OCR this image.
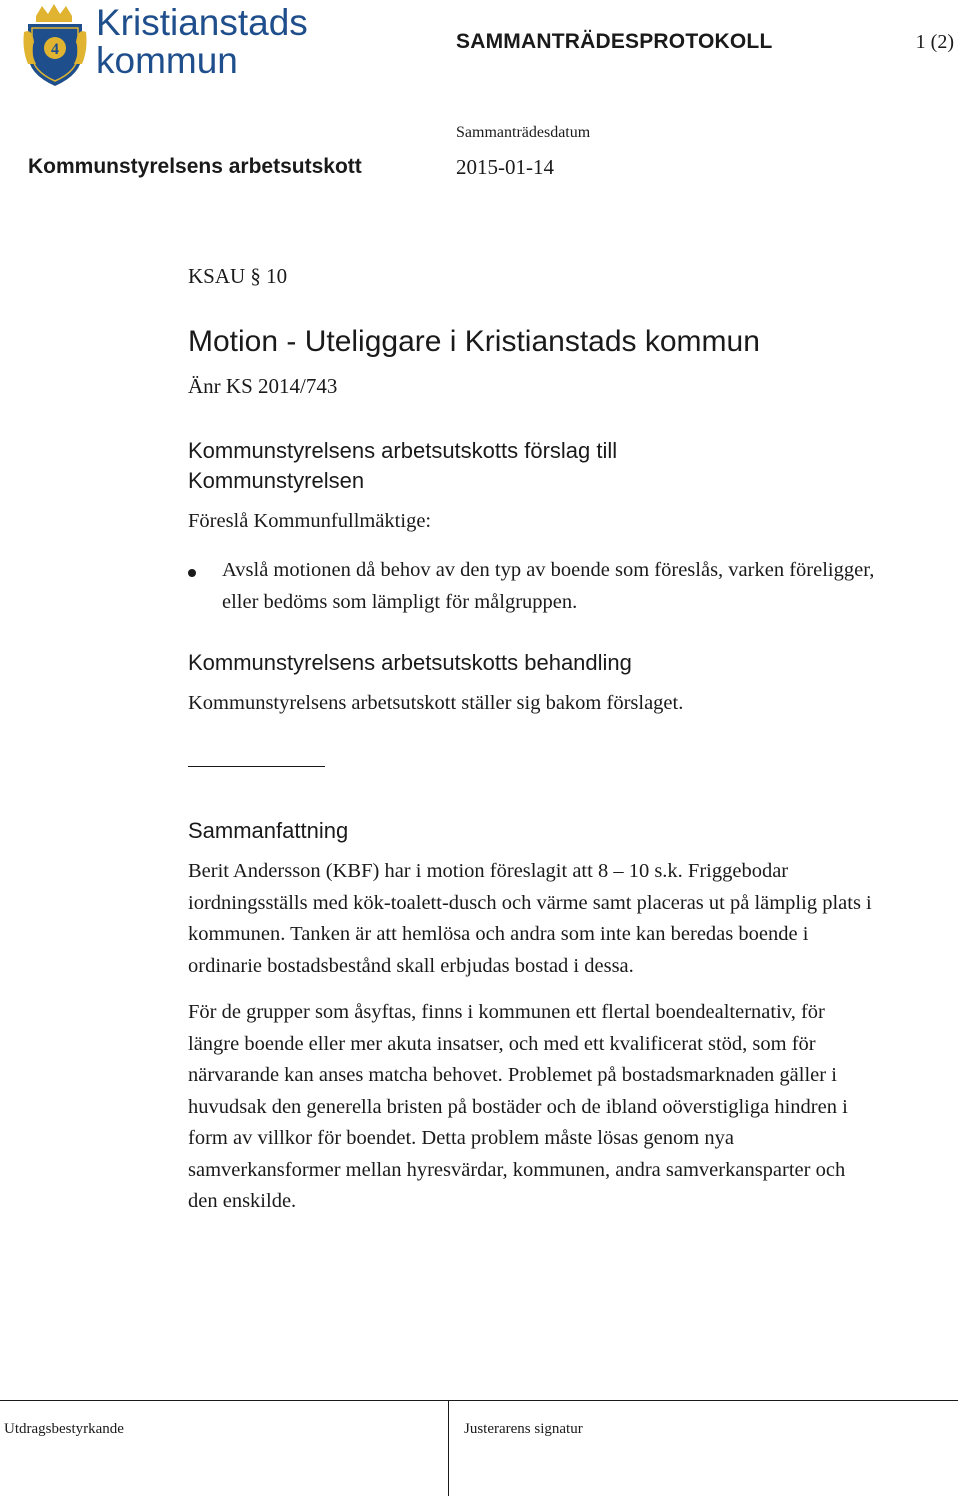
4
Kristianstads
kommun	SAMMANTRÄDESPROTOKOLL	1 (2)
Kommunstyrelsens arbetsutskott
Sammanträdesdatum
2015-01-14
KSAU § 10
Motion - Uteliggare i Kristianstads kommun
Änr KS 2014/743
Kommunstyrelsens arbetsutskotts förslag till
Kommunstyrelsen

Föreslå Kommunfullmäktige:

Kommunstyrelsens arbetsutskotts behandling

Kommunstyrelsens arbetsutskott ställer sig bakom förslaget.

Sammanfattning

Berit Andersson (KBF) har i motion föreslagit att 8 – 10 s.k. Friggebodar iordningsställs med kök-toalett-dusch och värme samt placeras ut på lämplig plats i kommunen. Tanken är att hemlösa och andra som inte kan beredas boende i ordinarie bostadsbestånd skall erbjudas bostad i dessa.

För de grupper som åsyftas, finns i kommunen ett flertal boendealternativ, för längre boende eller mer akuta insatser, och med ett kvalificerat stöd, som för närvarande kan anses matcha behovet. Problemet på bostadsmarknaden gäller i huvudsak den generella bristen på bostäder och de ibland oöverstigliga hindren i form av villkor för boendet. Detta problem måste lösas genom nya samverkansformer mellan hyresvärdar, kommunen, andra samverkansparter och den enskilde.

Avslå motionen då behov av den typ av boende som föreslås, varken föreligger, eller bedöms som lämpligt för målgruppen.

Utdragsbestyrkande	Justerarens signatur
